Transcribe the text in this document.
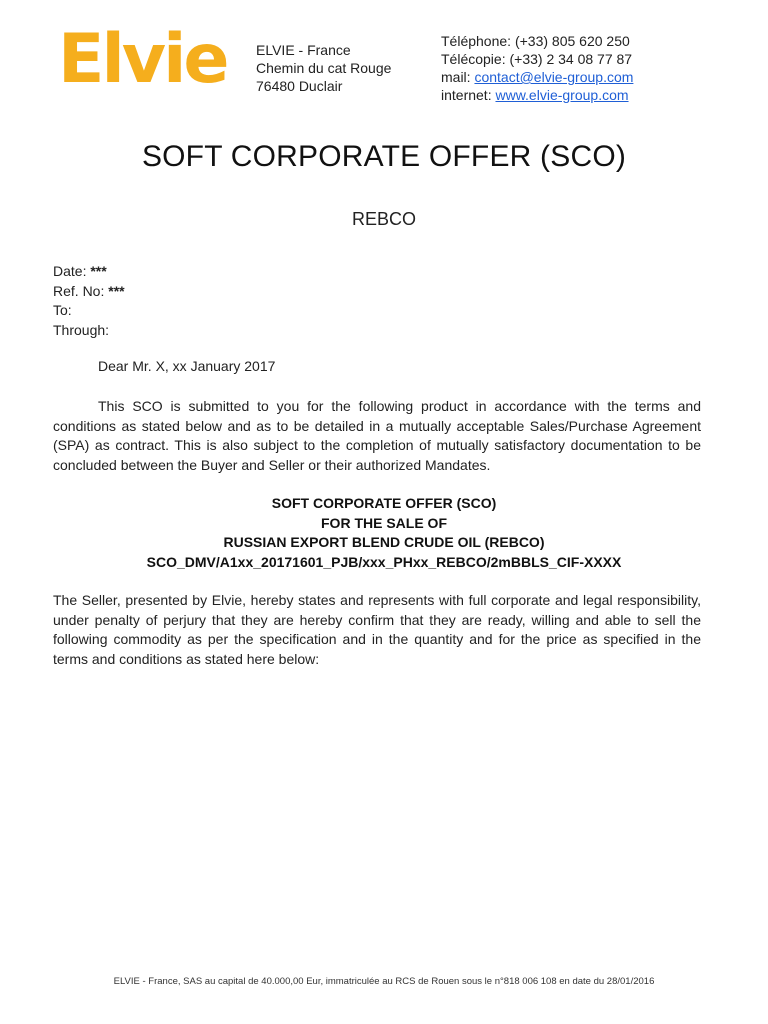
Elvie ELVIE - France
Chemin du cat Rouge
76480 Duclair
Téléphone: (+33) 805 620 250
Télécopie: (+33) 2 34 08 77 87
mail: contact@elvie-group.com
internet: www.elvie-group.com
SOFT CORPORATE OFFER (SCO)
REBCO
Date: ***
Ref. No: ***
To:
Through:
Dear Mr. X, xx January 2017
This SCO is submitted to you for the following product in accordance with the terms and conditions as stated below and as to be detailed in a mutually acceptable Sales/Purchase Agreement (SPA) as contract. This is also subject to the completion of mutually satisfactory documentation to be concluded between the Buyer and Seller or their authorized Mandates.
SOFT CORPORATE OFFER (SCO)
FOR THE SALE OF
RUSSIAN EXPORT BLEND CRUDE OIL (REBCO)
SCO_DMV/A1xx_20171601_PJB/xxx_PHxx_REBCO/2mBBLS_CIF-XXXX
The Seller, presented by Elvie, hereby states and represents with full corporate and legal responsibility, under penalty of perjury that they are hereby confirm that they are ready, willing and able to sell the following commodity as per the specification and in the quantity and for the price as specified in the terms and conditions as stated here below:
ELVIE - France, SAS au capital de 40.000,00 Eur, immatriculée au RCS de Rouen sous le n°818 006 108 en date du 28/01/2016
